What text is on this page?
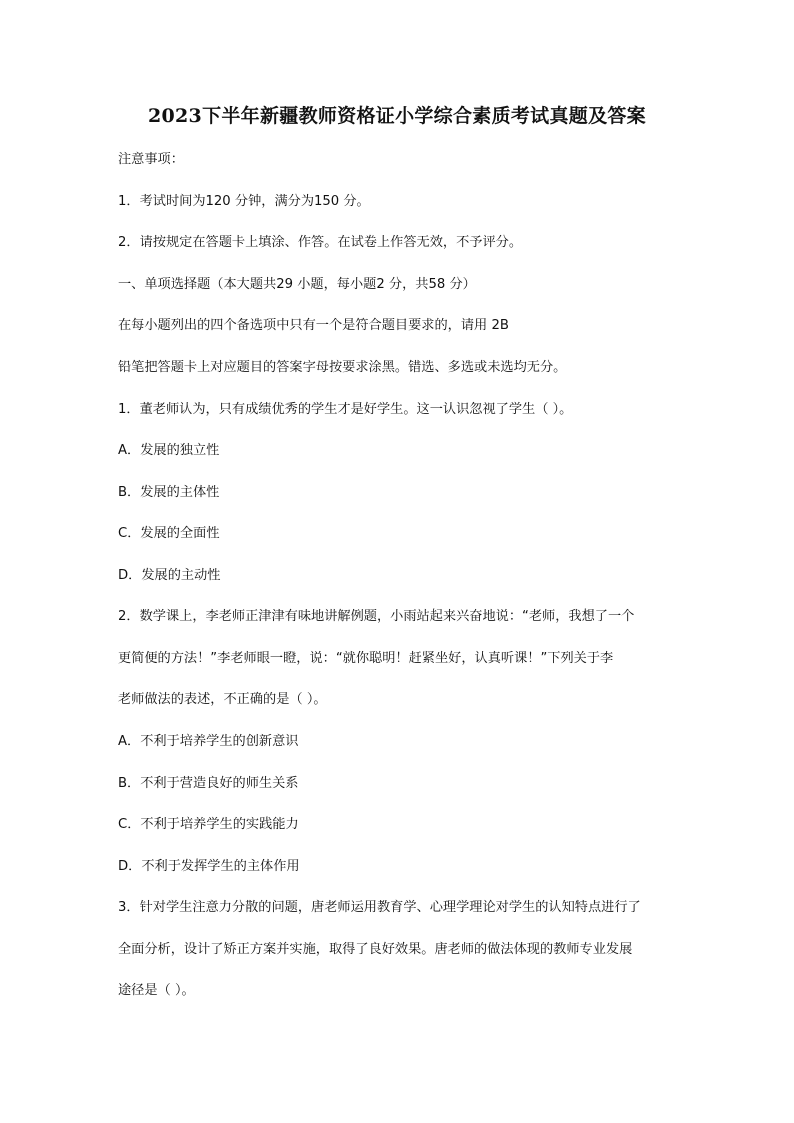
2023下半年新疆教师资格证小学综合素质考试真题及答案

注意事项：

1．考试时间为120 分钟，满分为150 分。

2．请按规定在答题卡上填涂、作答。在试卷上作答无效，不予评分。

一、单项选择题（本大题共29 小题，每小题2 分，共58 分）

在每小题列出的四个备选项中只有一个是符合题目要求的，请用 2B

铅笔把答题卡上对应题目的答案字母按要求涂黑。错选、多选或未选均无分。

1．董老师认为，只有成绩优秀的学生才是好学生。这一认识忽视了学生（ ）。

A．发展的独立性

B．发展的主体性

C．发展的全面性

D．发展的主动性

2．数学课上，李老师正津津有味地讲解例题，小雨站起来兴奋地说：“老师，我想了一个

更简便的方法！”李老师眼一瞪，说：“就你聪明！赶紧坐好，认真听课！”下列关于李

老师做法的表述，不正确的是（ ）。

A．不利于培养学生的创新意识

B．不利于营造良好的师生关系

C．不利于培养学生的实践能力

D．不利于发挥学生的主体作用

3．针对学生注意力分散的问题，唐老师运用教育学、心理学理论对学生的认知特点进行了

全面分析，设计了矫正方案并实施，取得了良好效果。唐老师的做法体现的教师专业发展

途径是（ ）。
